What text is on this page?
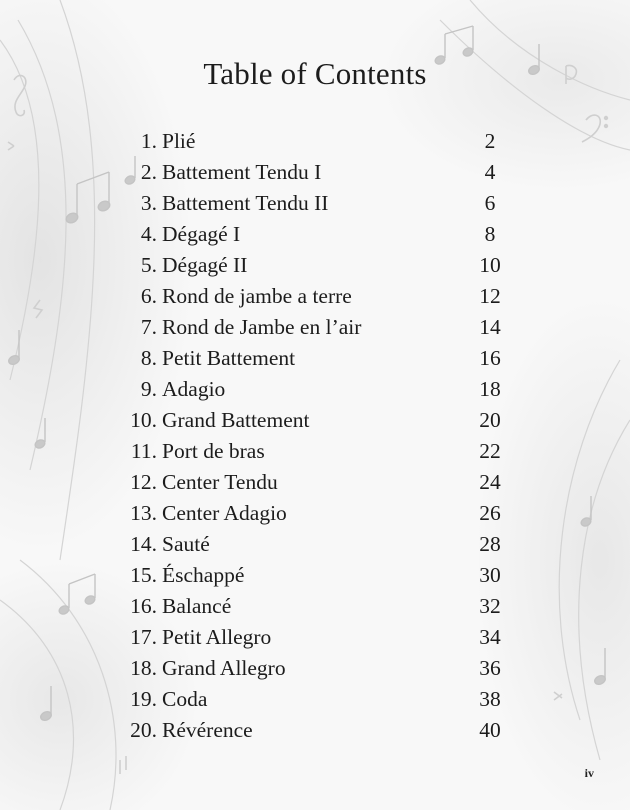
Table of Contents
1. Plié	2
2. Battement Tendu I	4
3. Battement Tendu II	6
4. Dégagé I	8
5. Dégagé II	10
6. Rond de jambe a terre	12
7. Rond de Jambe en l’air	14
8. Petit Battement	16
9. Adagio	18
10. Grand Battement	20
11. Port de bras	22
12. Center Tendu	24
13. Center Adagio	26
14. Sauté	28
15. Éschappé	30
16. Balancé	32
17. Petit Allegro	34
18. Grand Allegro	36
19. Coda	38
20. Révérence	40
iv
